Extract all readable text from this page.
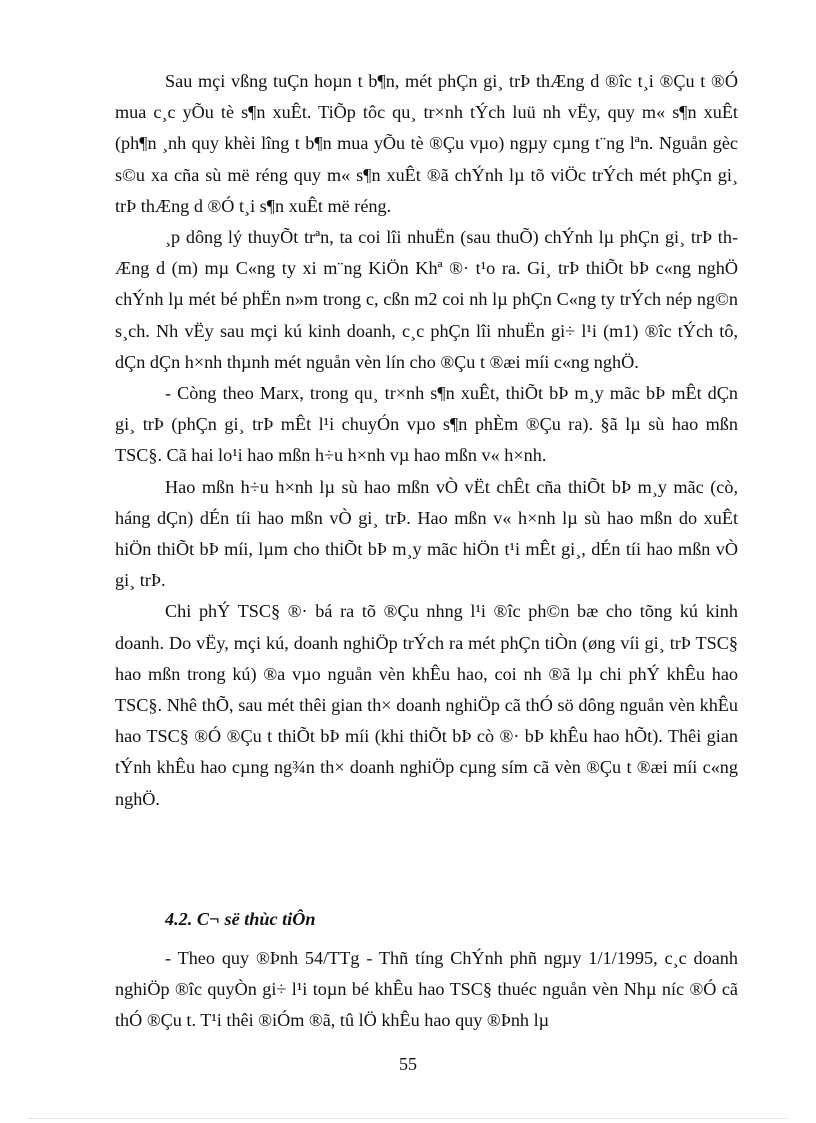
Sau mçi vßng tuÇn hoµn t b¶n, mét phÇn gi¸ trÞ thÆng d ®îc t¸i ®Çu t ®Ó mua c¸c yÕu tè s¶n xuÊt. TiÕp tôc qu¸ tr×nh tÝch luü nh vËy, quy m« s¶n xuÊt (ph¶n ¸nh quy khèi lîng t b¶n mua yÕu tè ®Çu vµo) ngµy cµng t¨ng lªn. Nguån gèc s©u xa cña sù më réng quy m« s¶n xuÊt ®ã chÝnh lµ tõ viÖc trÝch mét phÇn gi¸ trÞ thÆng d ®Ó t¸i s¶n xuÊt më réng.

¸p dông lý thuyÕt trªn, ta coi lîi nhuËn (sau thuÕ) chÝnh lµ phÇn gi¸ trÞ thÆng d (m) mµ C«ng ty xi m¨ng KiÖn Khª ®· t¹o ra. Gi¸ trÞ thiÕt bÞ c«ng nghÖ chÝnh lµ mét bé phËn n»m trong c, cßn m2 coi nh lµ phÇn C«ng ty trÝch nép ng©n s¸ch. Nh vËy sau mçi kú kinh doanh, c¸c phÇn lîi nhuËn gi÷ l¹i (m1) ®îc tÝch tô, dÇn dÇn h×nh thµnh mét nguån vèn lín cho ®Çu t ®æi míi c«ng nghÖ.

- Còng theo Marx, trong qu¸ tr×nh s¶n xuÊt, thiÕt bÞ m¸y mãc bÞ mÊt dÇn gi¸ trÞ (phÇn gi¸ trÞ mÊt l¹i chuyÓn vµo s¶n phÈm ®Çu ra). §ã lµ sù hao mßn TSC§. Cã hai lo¹i hao mßn h÷u h×nh vµ hao mßn v« h×nh.

Hao mßn h÷u h×nh lµ sù hao mßn vÒ vËt chÊt cña thiÕt bÞ m¸y mãc (cò, háng dÇn) dÉn tíi hao mßn vÒ gi¸ trÞ. Hao mßn v« h×nh lµ sù hao mßn do xuÊt hiÖn thiÕt bÞ míi, lµm cho thiÕt bÞ m¸y mãc hiÖn t¹i mÊt gi¸, dÉn tíi hao mßn vÒ gi¸ trÞ.

Chi phÝ TSC§ ®· bá ra tõ ®Çu nhng l¹i ®îc ph©n bæ cho tõng kú kinh doanh. Do vËy, mçi kú, doanh nghiÖp trÝch ra mét phÇn tiÒn (øng víi gi¸ trÞ TSC§ hao mßn trong kú) ®a vµo nguån vèn khÊu hao, coi nh ®ã lµ chi phÝ khÊu hao TSC§. Nhê thÕ, sau mét thêi gian th× doanh nghiÖp cã thÓ sö dông nguån vèn khÊu hao TSC§ ®Ó ®Çu t thiÕt bÞ míi (khi thiÕt bÞ cò ®· bÞ khÊu hao hÕt). Thêi gian tÝnh khÊu hao cµng ng¾n th× doanh nghiÖp cµng sím cã vèn ®Çu t ®æi míi c«ng nghÖ.

4.2. C¬ së thùc tiÔn

- Theo quy ®Þnh 54/TTg - Thñ tíng ChÝnh phñ ngµy 1/1/1995, c¸c doanh nghiÖp ®îc quyÒn gi÷ l¹i toµn bé khÊu hao TSC§ thuéc nguån vèn Nhµ níc ®Ó cã thÓ ®Çu t. T¹i thêi ®iÓm ®ã, tû lÖ khÊu hao quy ®Þnh lµ

55
